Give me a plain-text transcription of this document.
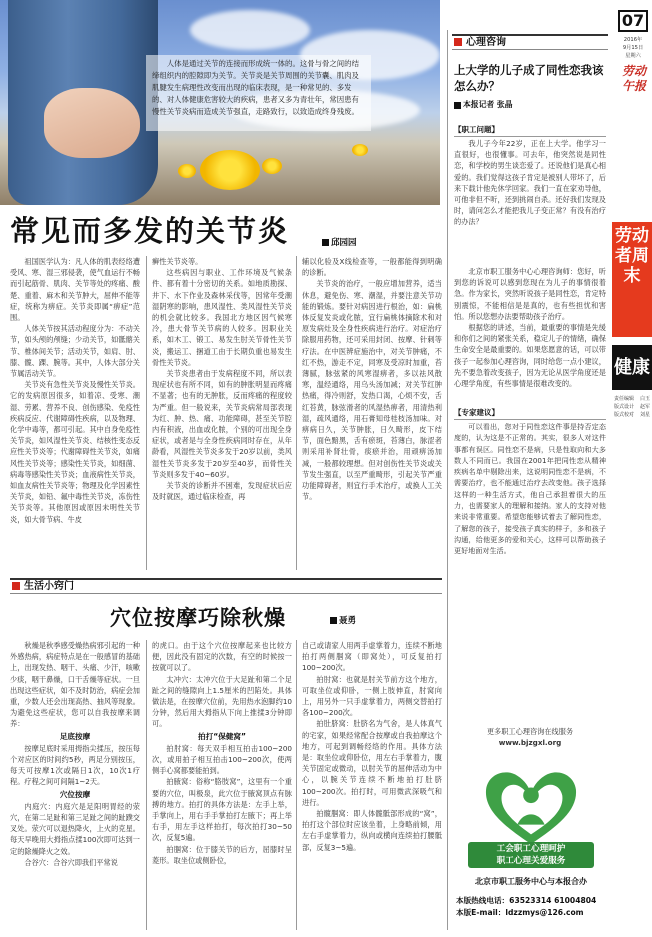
人体是通过关节的连接而形成统一体的。这骨与骨之间的结缔组织内的腔隙即为关节。关节炎是关节周围的关节囊、肌肉及肌腱发生病理性改变而出现的临床表现，是一种常见的、多发的、对人体健康危害较大的疾病，患者又多为青壮年，常因患有慢性关节炎病而造成关节强直，走路致行，以致造成终身残废。
常见而多发的关节炎	邱园园

祖国医学认为：凡人体的肌表经络遭受风、寒、湿三邪侵袭，使气血运行不畅而引起筋骨、肌肉、关节等处的疼痛、酸楚、重着、麻木和关节肿大，屈伸不能等症，统称为痹症。关节炎即属“痹症”范围。

人体关节按其活动程度分为：不动关节，如头颅的颅缝；少动关节，如骶髂关节、椎体间关节；活动关节，如肩、肘、膝、髋、踝、腕等。其中，人体大部分关节属活动关节。

关节炎有急性关节炎及慢性关节炎。它的发病原因很多，如着凉、受寒、潮湿、劳累、营养不良、创伤感染、免疫性疾病反应、代谢障碍性疾病，以及物理、化学中毒等，都可引起。其中自身免疫性关节炎，如风湿性关节炎、结核性变态反应性关节炎等；代谢障碍性关节炎，如痛风性关节炎等；感染性关节炎，如细菌、病毒等感染性关节炎；血液病性关节炎，如血友病性关节炎等；物理及化学因素性关节炎，如铅、氟中毒性关节炎，冻伤性关节炎等。其他原因或原因未明性关节炎，如大骨节病、牛皮

癣性关节炎等。

这些病因与职业、工作环境及气候条件、都有着十分密切的关系。如地质勘探、井下、水下作业及森林采伐等，因常年受潮湿阴寒的影响，患风湿性、类风湿性关节炎的机会就比较多。我国北方地区因气候寒冷，患大骨节关节病的人较多。因职业关系，如木工、锻工、易发生肘关节骨性关节炎，搬运工、捆道工由于长期负重也易发生骨性关节炎。

关节炎患者由于发病程度不同，所以表现症状也有所不同，如有的肿胀明显而疼痛不显著；也有的无肿胀，反而疼痛的程度较为严重。但一般说来，关节炎病常局部表现为红、肿、热、痛、功能障碍，甚至关节腔内有积液，出血或化脓，个别的可出现全身症状，或者是与全身性疾病同时存在，从年龄看，风湿性关节炎多发于20岁以前，类风湿性关节炎多发于20岁至40岁，而骨性关节炎则多发于40~60岁。

关节炎的诊断并不困难，发现症状后应及时就医，通过临床检查，再

辅以化验及X线检查等，一般都能得到明确的诊断。

关节炎的治疗，一般应增加营养，适当休息，避免伤、寒、潮湿，并要注意关节功能的锻炼。要针对病因进行根治，如：扁桃体反复发炎或化脓，宜行扁桃体摘除术和对原发病灶及全身性疾病进行治疗。对症治疗除服用药物，还可采用封闭、按摩、针刺等疗法。在中医辨症施治中，对关节肿痛，不红不热，游走不定，同寒及受凉时加重，苔薄腻，脉弦紧的风寒湿痹者，多以祛风散寒，温经通络，用乌头汤加减；对关节红肿热痛，得冷则舒，发热口渴，心烦不安，舌红苔黄，脉弦滑者的风湿热痹者，用清热利湿，疏风通络，用石膏知母桂枝汤加味。对痹病日久，关节肿胀，日久畸形，皮下结节，面色黯黑，舌有瘀斑，苔薄白，脉涩者则采用补肾壮骨，痰瘀并治，用顽痹汤加减，一般都较理想。但对创伤性关节炎或关节发生强直，以至严重畸形，引起关节严重功能障碍者，则宜行手术治疗，或换人工关节。

生活小窍门
穴位按摩巧除秋燥	聂勇

秋燥是秋季感受燥热病邪引起的一种外感热病，病症特点是在一般感冒的基础上，出现发热、咽干、头痛、少汗，咳嗽少痰，咽干鼻燥，口干舌燥等症状。一旦出现这些症状，如不及时防治，病症会加重，少数人还会出现高热、抽风等现象。为避免这些症状，您可以自我按摩来调养：

足底按摩

按摩足底时采用拇指尖揉压，按压每个对应区的时间约5秒，两足分别按压，每天可按摩1次或隔日1次，10次1疗程。疗程之间可间隔1~2天。

穴位按摩

内庭穴：内庭穴是足阳明胃经的荥穴，在第二足趾和第三足趾之间的趾蹼交叉处。荥穴可以退热降火，上火的克星。每天早晚用大拇指点揉100次即可达到一定的除燥降火之效。

合谷穴：合谷穴即我们平常说

的虎口。由于这个穴位按摩起来也比较方便，因此没有固定的次数，有空的时候按一按就可以了。

太冲穴：太冲穴位于大足趾和第二个足趾之间的缝隙向上1.5厘米的凹陷处。具体做法是，在按摩穴位前，先用热水泡脚约10分钟，然后用大拇指从下向上推揉3分钟即可。

拍打“保健窝”

拍肘窝：每天双手相互拍击100~200次，或用拍子相互拍击100~200次，使两侧手心窝都要能拍到。

拍腋窝：俗称“胳肢窝”，这里有一个重要的穴位，叫极泉，此穴位于腋窝顶点有脉搏的地方。拍打的具体方法是：左手上举，手掌向上，用右手手掌拍打左腋下；再上举右手，用左手这样拍打，每次拍打30~50次，反复5遍。

拍腘窝：位于膝关节的后方，屈膝时呈菱形。取坐位或侧卧位，

自己或请家人用两手虚掌着力，连续不断地拍打两侧腘窝（即窝处），可反复拍打100~200次。

拍肘窝：也就是肘关节前方这个地方，可取坐位或仰卧，一侧上肢伸直，肘窝向上，用另外一只手虚掌着力，两侧交替拍打各100~200次。

拍肚脐窝：肚脐名为气舍，是人体真气的宅家，如果经常配合按摩或自我拍摩这个地方，可起到调畅经络的作用。具体方法是：取坐位或仰卧位，用左右手掌着力，腹关节固定或微动，以肘关节的屈伸活动为中心，以腕关节连续不断地拍打肚脐100~200次。拍打时，可用微武深吸气和进行。

拍髋腘窝：即人体髋骶部形成的“窝”，拍打这个部位时应该坐着，上身略前倾，用左右手虚掌着力，纵向或横向连续拍打腰骶部，反复3~5遍。

心理咨询
上大学的儿子成了同性恋我该怎么办？
本报记者 张晶
【职工问题】

我儿子今年22岁，正在上大学。他学习一直很好，也很懂事。可去年，他突然说是同性恋，和学校的男生谈恋爱了。还说他们是真心相爱的。我们觉得这孩子肯定是被别人带坏了，后来下载计他先休学回家。我们一直在家劝导他，可他非但不听，还到挑闹自杀。还好我们发现及时，请问怎么才能把我儿子变正常？有没有治疗的办法？

北京市职工服务中心心理咨询师：您好，听到您的诉说可以感到您现在为儿子的事情很着急。作为家长，突然听说孩子是同性恋，肯定特别震惊，不能相信是是真的，也有些担忧和害怕。所以您想办法要帮助孩子治疗。

根据您的讲述，当前，最重要的事情是先缓和你们之间的紧张关系，稳定儿子的情绪，确保生命安全是最重要的。如果您愿意的话，可以带孩子一起参加心理咨询，同时给您一点小建议，先不要急着改变孩子，因为无论从医学角度还是心理学角度，有些事情是很难改变的。

【专家建议】

可以看出，您对于同性恋这件事是持否定态度的，认为这是不正常的。其实，很多人对这件事都有误区。同性恋不是病，只是性取向和大多数人不同而已。我国在2001年把同性恋从精神疾病名单中剔除出来，这说明同性恋不是病，不需要治疗，也不能通过治疗去改变他。孩子选择这样的一种生活方式，他自己承担着很大的压力，也需要家人的理解和接纳。家人的支持对他来说非常重要。希望您能够试着去了解同性恋，了解您的孩子，接受孩子真实的样子，多和孩子沟通，给他更多的爱和关心，这样可以帮助孩子更好地面对生活。

更多职工心理咨询在线服务
www.bjzgxl.org
工会职工心理呵护
职工心理关爱服务
北京市职工服务中心与本报合办
本版热线电话：63523314 61004804
本版E-mail：ldzzmys@126.com
07
2016年
9月15日
星期六
劳动午报
劳动者周末
健康
责任编辑 白玉
版式设计 赵军
版式校对 刘星
